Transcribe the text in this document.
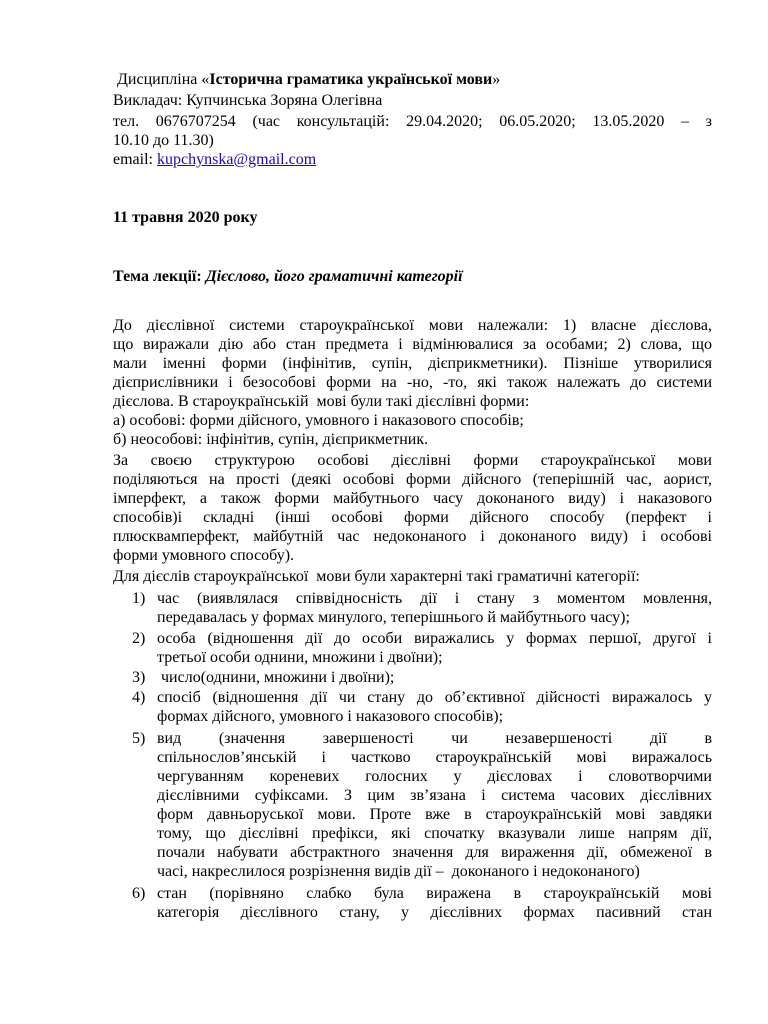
Дисципліна «Історична граматика української мови»
Викладач: Купчинська Зоряна Олегівна
тел. 0676707254 (час консультацій: 29.04.2020; 06.05.2020; 13.05.2020 – з
10.10 до 11.30)
email: kupchynska@gmail.com
11 травня 2020 року
Тема лекції: Дієслово, його граматичні категорії
До дієслівної системи староукраїнської мови належали: 1) власне дієслова,
що виражали дію або стан предмета і відмінювалися за особами; 2) слова, що
мали іменні форми (інфінітив, супін, дієприкметники). Пізніше утворилися
дієприслівники і безособові форми на -но, -то, які також належать до системи
дієслова. В староукраїнській  мові були такі дієслівні форми:
а) особові: форми дійсного, умовного і наказового способів;
б) неособові: інфінітив, супін, дієприкметник.
За своєю структурою особові дієслівні форми староукраїнської мови
поділяються на прості (деякі особові форми дійсного (теперішній час, аорист,
імперфект, а також форми майбутнього часу доконаного виду) і наказового
способів)і складні (інші особові форми дійсного способу (перфект і
плюсквамперфект, майбутній час недоконаного і доконаного виду) і особові
форми умовного способу).
Для дієслів староукраїнської  мови були характерні такі граматичні категорії:
1) час (виявлялася співвідносність дії і стану з моментом мовлення,
передавалась у формах минулого, теперішнього й майбутнього часу);
2) особа (відношення дії до особи виражались у формах першої, другої і
третьої особи однини, множини і двоїни);
3) число(однини, множини і двоїни);
4) спосіб (відношення дії чи стану до об’єктивної дійсності виражалось у
формах дійсного, умовного і наказового способів);
5) вид (значення завершеності чи незавершеності дії в
спільнослов’янській і частково староукраїнській мові виражалось
чергуванням кореневих голосних у дієсловах і словотворчими
дієслівними суфіксами. З цим зв’язана і система часових дієслівних
форм давньоруської мови. Проте вже в староукраїнській мові завдяки
тому, що дієслівні префікси, які спочатку вказували лише напрям дії,
почали набувати абстрактного значення для вираження дії, обмеженої в
часі, накреслилося розрізнення видів дії –  доконаного і недоконаного)
6) стан (порівняно слабко була виражена в староукраїнській мові
категорія дієслівного стану, у дієслівних формах пасивний стан
